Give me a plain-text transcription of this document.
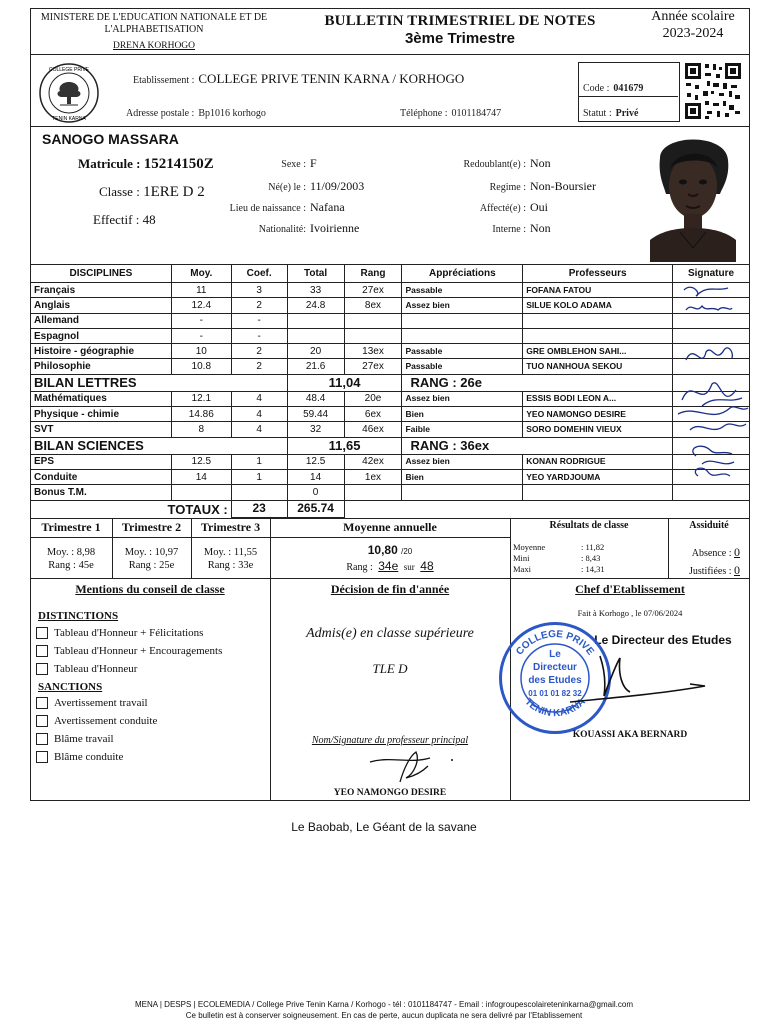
MINISTERE DE L'EDUCATION NATIONALE ET DE L'ALPHABETISATION
DRENA KORHOGO
BULLETIN TRIMESTRIEL DE NOTES
3ème Trimestre
Année scolaire
2023-2024
COLLEGE PRIVE
TENIN KARNA
Etablissement : COLLEGE PRIVE TENIN KARNA / KORHOGO
Adresse postale : Bp1016 korhogo	Téléphone : 0101184747
Code : 041679
Statut : Privé
SANOGO MASSARA
Matricule : 15214150Z
Classe : 1ERE D 2
Effectif : 48
Sexe : F
Né(e) le : 11/09/2003
Lieu de naissance : Nafana
Nationalité: Ivoirienne
Redoublant(e) : Non
Regime : Non-Boursier
Affecté(e) : Oui
Interne : Non
DISCIPLINES	Moy.	Coef.	Total	Rang	Appréciations	Professeurs	Signature
Français	11	3	33	27ex	Passable	FOFANA FATOU	
Anglais	12.4	2	24.8	8ex	Assez bien	SILUE KOLO ADAMA	
Allemand	-	-					
Espagnol	-	-					
Histoire - géographie	10	2	20	13ex	Passable	GRE OMBLEHON SAHI...	
Philosophie	10.8	2	21.6	27ex	Passable	TUO NANHOUA SEKOU	
BILAN LETTRES			11,04		RANG : 26e		
Mathématiques	12.1	4	48.4	20e	Assez bien	ESSIS BODI LEON A...	
Physique - chimie	14.86	4	59.44	6ex	Bien	YEO NAMONGO DESIRE	
SVT	8	4	32	46ex	Faible	SORO DOMEHIN VIEUX	
BILAN SCIENCES			11,65		RANG : 36ex		
EPS	12.5	1	12.5	42ex	Assez bien	KONAN RODRIGUE	
Conduite	14	1	14	1ex	Bien	YEO YARDJOUMA	
Bonus T.M.			0				
TOTAUX :		23	265.74				
Trimestre 1	Trimestre 2	Trimestre 3	Moyenne annuelle	Résultats de classe	Assiduité
Moy. : 8,98
Rang : 45e
Moy. : 10,97
Rang : 25e
Moy. : 11,55
Rang : 33e
10,80 /20
Rang : 34e sur 48
Moyenne	: 11,82
Mini	: 8,43
Maxi	: 14,31
Absence : 0
Justifiées : 0
Mentions du conseil de classe
DISTINCTIONS
Tableau d'Honneur + Félicitations
Tableau d'Honneur + Encouragements
Tableau d'Honneur
SANCTIONS
Avertissement travail
Avertissement conduite
Blâme travail
Blâme conduite
Décision de fin d'année
Admis(e) en classe supérieure
TLE D
Nom/Signature du professeur principal
YEO NAMONGO DESIRE
Chef d'Etablissement
Fait à Korhogo , le 07/06/2024
Le Directeur des Etudes
COLLEGE PRIVE
TENIN KARNA
Le
Directeur
des Etudes
01 01 01 82 32
KOUASSI AKA BERNARD
Le Baobab, Le Géant de la savane
MENA | DESPS | ECOLEMEDIA / College Prive Tenin Karna / Korhogo - tél : 0101184747 - Email : infogroupescolaireteninkarna@gmail.com
Ce bulletin est à conserver soigneusement. En cas de perte, aucun duplicata ne sera delivré par l'Etablissement
